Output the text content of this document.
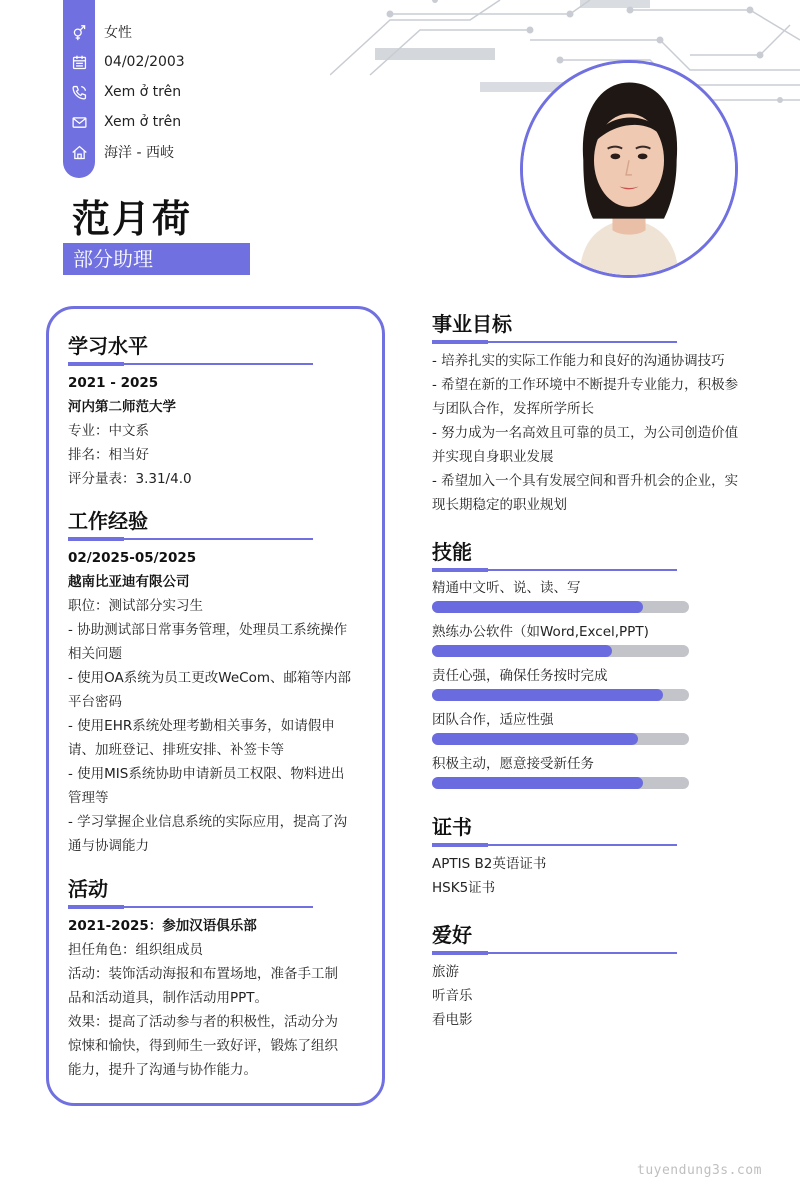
女性
04/02/2003
Xem ở trên
Xem ở trên
海洋 - 西岐
范月荷
部分助理
学习水平
2021 - 2025
河内第二师范大学
专业：中文系
排名：相当好
评分量表：3.31/4.0
工作经验
02/2025-05/2025
越南比亚迪有限公司
职位：测试部分实习生
- 协助测试部日常事务管理，处理员工系统操作
相关问题
- 使用OA系统为员工更改WeCom、邮箱等内部
平台密码
- 使用EHR系统处理考勤相关事务，如请假申
请、加班登记、排班安排、补签卡等
- 使用MIS系统协助申请新员工权限、物料进出
管理等
- 学习掌握企业信息系统的实际应用，提高了沟
通与协调能力
活动
2021-2025：参加汉语俱乐部
担任角色：组织组成员
活动：装饰活动海报和布置场地，准备手工制
品和活动道具，制作活动用PPT。
效果：提高了活动参与者的积极性，活动分为
惊悚和愉快，得到师生一致好评，锻炼了组织
能力，提升了沟通与协作能力。
事业目标
- 培养扎实的实际工作能力和良好的沟通协调技巧
- 希望在新的工作环境中不断提升专业能力，积极参
与团队合作，发挥所学所长
- 努力成为一名高效且可靠的员工，为公司创造价值
并实现自身职业发展
- 希望加入一个具有发展空间和晋升机会的企业，实
现长期稳定的职业规划
技能
精通中文听、说、读、写
熟练办公软件（如Word,Excel,PPT)
责任心强，确保任务按时完成
团队合作，适应性强
积极主动，愿意接受新任务
证书
APTIS B2英语证书
HSK5证书
爱好
旅游
听音乐
看电影
tuyendung3s.com
